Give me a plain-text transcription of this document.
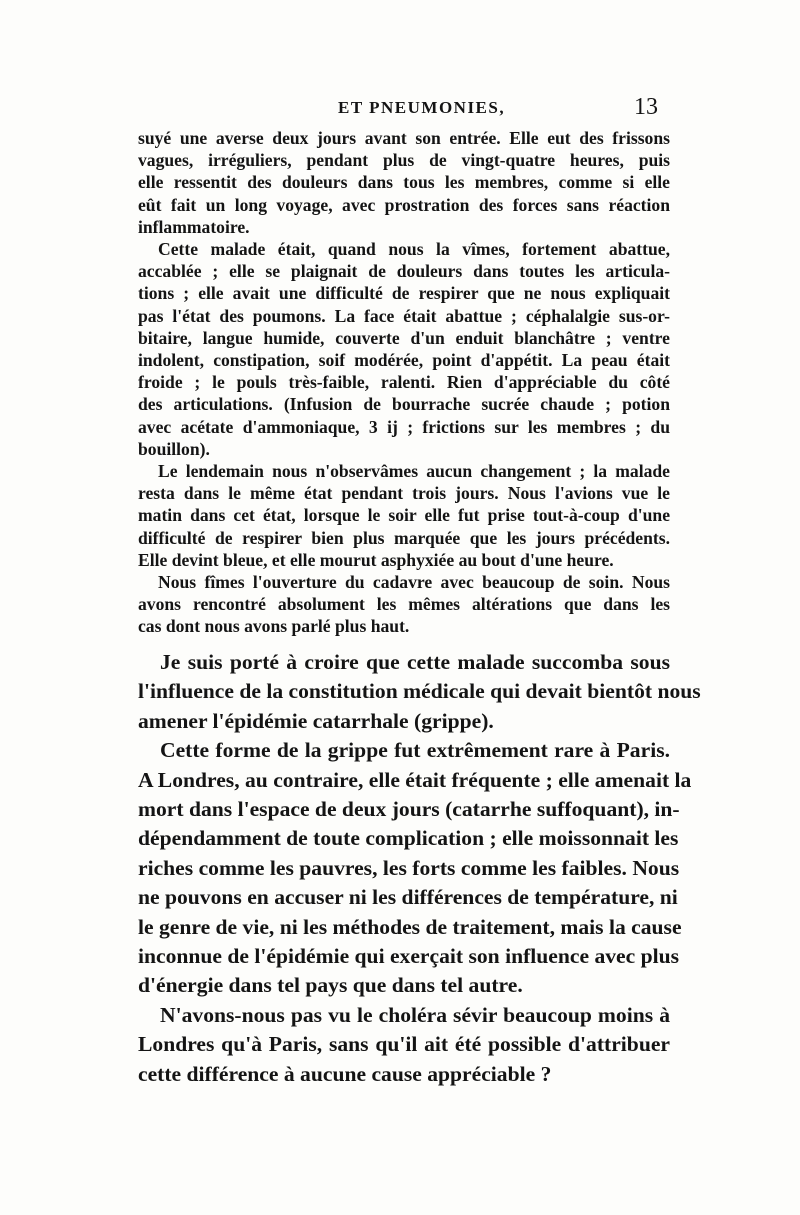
ET PNEUMONIES,	13
suyé une averse deux jours avant son entrée. Elle eut des frissons
vagues, irréguliers, pendant plus de vingt-quatre heures, puis
elle ressentit des douleurs dans tous les membres, comme si elle
eût fait un long voyage, avec prostration des forces sans réaction
inflammatoire.
Cette malade était, quand nous la vîmes, fortement abattue,
accablée ; elle se plaignait de douleurs dans toutes les articula-
tions ; elle avait une difficulté de respirer que ne nous expliquait
pas l'état des poumons. La face était abattue ; céphalalgie sus-or-
bitaire, langue humide, couverte d'un enduit blanchâtre ; ventre
indolent, constipation, soif modérée, point d'appétit. La peau était
froide ; le pouls très-faible, ralenti. Rien d'appréciable du côté
des articulations. (Infusion de bourrache sucrée chaude ; potion
avec acétate d'ammoniaque, 3 ij ; frictions sur les membres ; du
bouillon).
Le lendemain nous n'observâmes aucun changement ; la malade
resta dans le même état pendant trois jours. Nous l'avions vue le
matin dans cet état, lorsque le soir elle fut prise tout-à-coup d'une
difficulté de respirer bien plus marquée que les jours précédents.
Elle devint bleue, et elle mourut asphyxiée au bout d'une heure.
Nous fîmes l'ouverture du cadavre avec beaucoup de soin. Nous
avons rencontré absolument les mêmes altérations que dans les
cas dont nous avons parlé plus haut.
Je suis porté à croire que cette malade succomba sous
l'influence de la constitution médicale qui devait bientôt nous
amener l'épidémie catarrhale (grippe).
Cette forme de la grippe fut extrêmement rare à Paris.
A Londres, au contraire, elle était fréquente ; elle amenait la
mort dans l'espace de deux jours (catarrhe suffoquant), in-
dépendamment de toute complication ; elle moissonnait les
riches comme les pauvres, les forts comme les faibles. Nous
ne pouvons en accuser ni les différences de température, ni
le genre de vie, ni les méthodes de traitement, mais la cause
inconnue de l'épidémie qui exerçait son influence avec plus
d'énergie dans tel pays que dans tel autre.
N'avons-nous pas vu le choléra sévir beaucoup moins à
Londres qu'à Paris, sans qu'il ait été possible d'attribuer
cette différence à aucune cause appréciable ?
